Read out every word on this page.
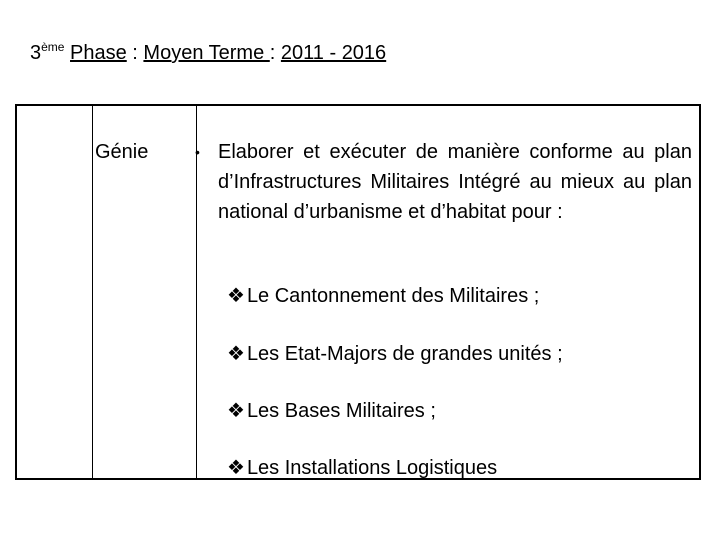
3ème Phase : Moyen Terme : 2011 - 2016
Génie	• Elaborer et exécuter de manière conforme au plan d’Infrastructures Militaires Intégré au mieux au plan national d’urbanisme et d’habitat pour :
❖ Le Cantonnement des Militaires ;
❖ Les Etat-Majors de grandes unités ;
❖ Les Bases Militaires ;
❖ Les Installations Logistiques
